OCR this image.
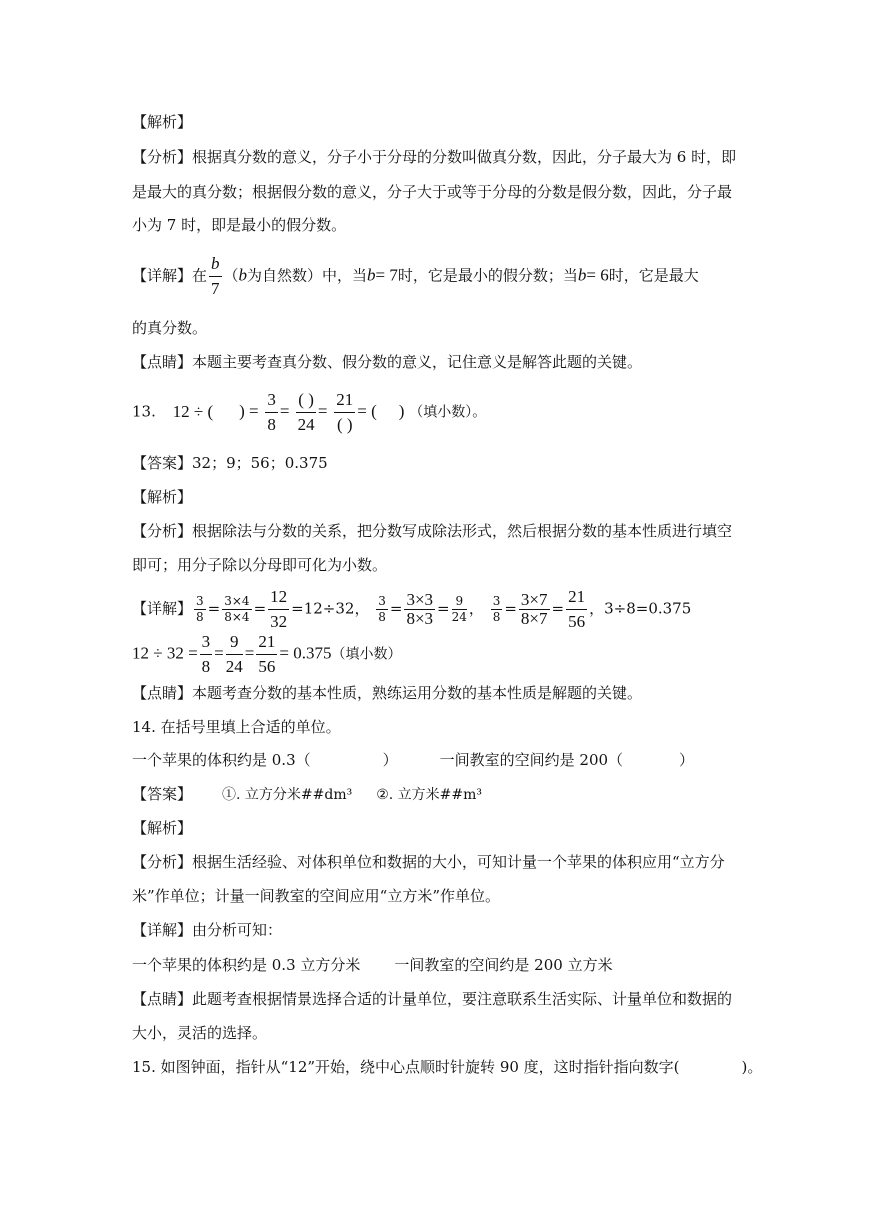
【解析】
【分析】根据真分数的意义，分子小于分母的分数叫做真分数，因此，分子最大为 6 时，即
是最大的真分数；根据假分数的意义，分子大于或等于分母的分数是假分数，因此，分子最
小为 7 时，即是最小的假分数。
【详解】在 $\frac{b}{7} (b$为自然数）中，当b= 7时，它是最小的假分数；当b= 6时，它是最大
的真分数。
【点睛】本题主要考查真分数、假分数的意义，记住意义是解答此题的关键。
13. 12 ÷ ( ) = $\frac{3}{8} = \frac{( )}{24} = \frac{21}{( )}$ = ( ) （填小数）。
【答案】32；9；56；0.375
【解析】
【分析】根据除法与分数的关系，把分数写成除法形式，然后根据分数的基本性质进行填空
即可；用分子除以分母即可化为小数。
【详解】 $\frac{3}{8} = \frac{3\times 4}{8\times 4} = \frac{12}{32} =12\div 32$， $\frac{3}{8} = \frac{3\times 3}{8\times 3} = \frac{9}{24}$ ， $\frac{3}{8} = \frac{3\times 7}{8\times 7} = \frac{21}{56}$ ，3÷8=0.375
$12 \div 32 = \frac{3}{8} = \frac{9}{24} = \frac{21}{56} = 0.375$（填小数）
【点睛】本题考查分数的基本性质，熟练运用分数的基本性质是解题的关键。
14. 在括号里填上合适的单位。
一个苹果的体积约是 0.3（	）	一间教室的空间约是 200（	）
【答案】 ①. 立方分米##dm³ ②. 立方米##m³
【解析】
【分析】根据生活经验、对体积单位和数据的大小，可知计量一个苹果的体积应用“立方分
米”作单位；计量一间教室的空间应用“立方米”作单位。
【详解】由分析可知：
一个苹果的体积约是 0.3 立方分米 一间教室的空间约是 200 立方米
【点睛】此题考查根据情景选择合适的计量单位，要注意联系生活实际、计量单位和数据的
大小，灵活的选择。
15. 如图钟面，指针从“12”开始，绕中心点顺时针旋转 90 度，这时指针指向数字(	)。
